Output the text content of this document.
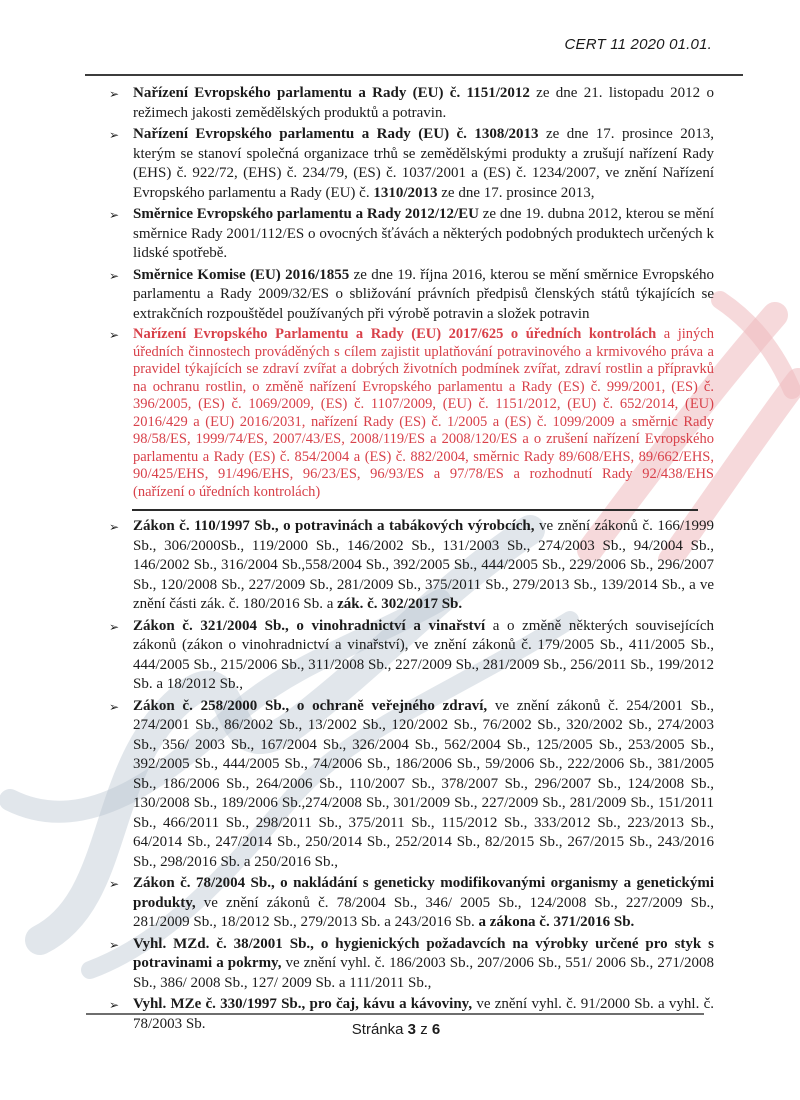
CERT 11 2020 01.01.
➢ Nařízení Evropského parlamentu a Rady (EU) č. 1151/2012 ze dne 21. listopadu 2012 o režimech jakosti zemědělských produktů a potravin.
➢ Nařízení Evropského parlamentu a Rady (EU) č. 1308/2013 ze dne 17. prosince 2013, kterým se stanoví společná organizace trhů se zemědělskými produkty a zrušují nařízení Rady (EHS) č. 922/72, (EHS) č. 234/79, (ES) č. 1037/2001 a (ES) č. 1234/2007, ve znění Nařízení Evropského parlamentu a Rady (EU) č. 1310/2013 ze dne 17. prosince 2013,
➢ Směrnice Evropského parlamentu a Rady 2012/12/EU ze dne 19. dubna 2012, kterou se mění směrnice Rady 2001/112/ES o ovocných šťávách a některých podobných produktech určených k lidské spotřebě.
➢ Směrnice Komise (EU) 2016/1855 ze dne 19. října 2016, kterou se mění směrnice Evropského parlamentu a Rady 2009/32/ES o sbližování právních předpisů členských států týkajících se extrakčních rozpouštědel používaných při výrobě potravin a složek potravin
➢ Nařízení Evropského Parlamentu a Rady (EU) 2017/625 o úředních kontrolách a jiných úředních činnostech prováděných s cílem zajistit uplatňování potravinového a krmivového práva a pravidel týkajících se zdraví zvířat a dobrých životních podmínek zvířat, zdraví rostlin a přípravků na ochranu rostlin, o změně nařízení Evropského parlamentu a Rady (ES) č. 999/2001, (ES) č. 396/2005, (ES) č. 1069/2009, (ES) č. 1107/2009, (EU) č. 1151/2012, (EU) č. 652/2014, (EU) 2016/429 a (EU) 2016/2031, nařízení Rady (ES) č. 1/2005 a (ES) č. 1099/2009 a směrnic Rady 98/58/ES, 1999/74/ES, 2007/43/ES, 2008/119/ES a 2008/120/ES a o zrušení nařízení Evropského parlamentu a Rady (ES) č. 854/2004 a (ES) č. 882/2004, směrnic Rady 89/608/EHS, 89/662/EHS, 90/425/EHS, 91/496/EHS, 96/23/ES, 96/93/ES a 97/78/ES a rozhodnutí Rady 92/438/EHS (nařízení o úředních kontrolách)
➢ Zákon č. 110/1997 Sb., o potravinách a tabákových výrobcích, ve znění zákonů č. 166/1999 Sb., 306/2000Sb., 119/2000 Sb., 146/2002 Sb., 131/2003 Sb., 274/2003 Sb., 94/2004 Sb., 146/2002 Sb., 316/2004 Sb.,558/2004 Sb., 392/2005 Sb., 444/2005 Sb., 229/2006 Sb., 296/2007 Sb., 120/2008 Sb., 227/2009 Sb., 281/2009 Sb., 375/2011 Sb., 279/2013 Sb., 139/2014 Sb., a ve znění části zák. č. 180/2016 Sb. a zák. č. 302/2017 Sb.
➢ Zákon č. 321/2004 Sb., o vinohradnictví a vinařství a o změně některých souvisejících zákonů (zákon o vinohradnictví a vinařství), ve znění zákonů č. 179/2005 Sb., 411/2005 Sb., 444/2005 Sb., 215/2006 Sb., 311/2008 Sb., 227/2009 Sb., 281/2009 Sb., 256/2011 Sb., 199/2012 Sb. a 18/2012 Sb.,
➢ Zákon č. 258/2000 Sb., o ochraně veřejného zdraví, ve znění zákonů č. 254/2001 Sb., 274/2001 Sb., 86/2002 Sb., 13/2002 Sb., 120/2002 Sb., 76/2002 Sb., 320/2002 Sb., 274/2003 Sb., 356/ 2003 Sb., 167/2004 Sb., 326/2004 Sb., 562/2004 Sb., 125/2005 Sb., 253/2005 Sb., 392/2005 Sb., 444/2005 Sb., 74/2006 Sb., 186/2006 Sb., 59/2006 Sb., 222/2006 Sb., 381/2005 Sb., 186/2006 Sb., 264/2006 Sb., 110/2007 Sb., 378/2007 Sb., 296/2007 Sb., 124/2008 Sb., 130/2008 Sb., 189/2006 Sb.,274/2008 Sb., 301/2009 Sb., 227/2009 Sb., 281/2009 Sb., 151/2011 Sb., 466/2011 Sb., 298/2011 Sb., 375/2011 Sb., 115/2012 Sb., 333/2012 Sb., 223/2013 Sb., 64/2014 Sb., 247/2014 Sb., 250/2014 Sb., 252/2014 Sb., 82/2015 Sb., 267/2015 Sb., 243/2016 Sb., 298/2016 Sb. a 250/2016 Sb.,
➢ Zákon č. 78/2004 Sb., o nakládání s geneticky modifikovanými organismy a genetickými produkty, ve znění zákonů č. 78/2004 Sb., 346/ 2005 Sb., 124/2008 Sb., 227/2009 Sb., 281/2009 Sb., 18/2012 Sb., 279/2013 Sb. a 243/2016 Sb. a zákona č. 371/2016 Sb.
➢ Vyhl. MZd. č. 38/2001 Sb., o hygienických požadavcích na výrobky určené pro styk s potravinami a pokrmy, ve znění vyhl. č. 186/2003 Sb., 207/2006 Sb., 551/ 2006 Sb., 271/2008 Sb., 386/ 2008 Sb., 127/ 2009 Sb. a 111/2011 Sb.,
➢ Vyhl. MZe č. 330/1997 Sb., pro čaj, kávu a kávoviny, ve znění vyhl. č. 91/2000 Sb. a vyhl. č. 78/2003 Sb.	Stránka 3 z 6
